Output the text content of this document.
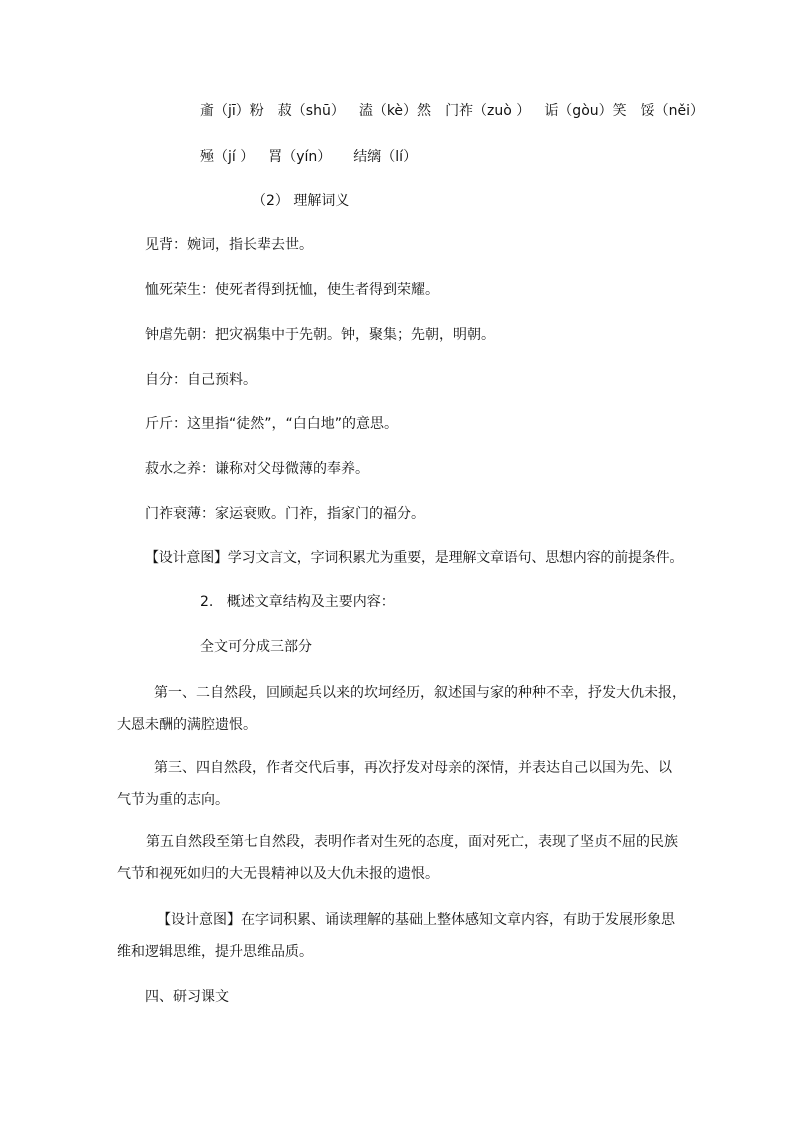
齑（jī）粉 菽（shū） 溘（kè）然 门祚（zuò ） 诟（gòu）笑 馁（něi）
殛（jí ） 罥（yín） 结缡（lí）
（2） 理解词义
见背：婉词，指长辈去世。
恤死荣生：使死者得到抚恤，使生者得到荣耀。
钟虐先朝：把灾祸集中于先朝。钟，聚集；先朝，明朝。
自分：自己预料。
斤斤：这里指“徒然”，“白白地”的意思。
菽水之养：谦称对父母微薄的奉养。
门祚衰薄：家运衰败。门祚，指家门的福分。
【设计意图】学习文言文，字词积累尤为重要，是理解文章语句、思想内容的前提条件。
2.   概述文章结构及主要内容：
全文可分成三部分
第一、二自然段，回顾起兵以来的坎坷经历，叙述国与家的种种不幸，抒发大仇未报，
大恩未酬的满腔遗恨。
第三、四自然段，作者交代后事，再次抒发对母亲的深情，并表达自己以国为先、以
气节为重的志向。
第五自然段至第七自然段，表明作者对生死的态度，面对死亡，表现了坚贞不屈的民族
气节和视死如归的大无畏精神以及大仇未报的遗恨。
【设计意图】在字词积累、诵读理解的基础上整体感知文章内容，有助于发展形象思
维和逻辑思维，提升思维品质。
四、研习课文
